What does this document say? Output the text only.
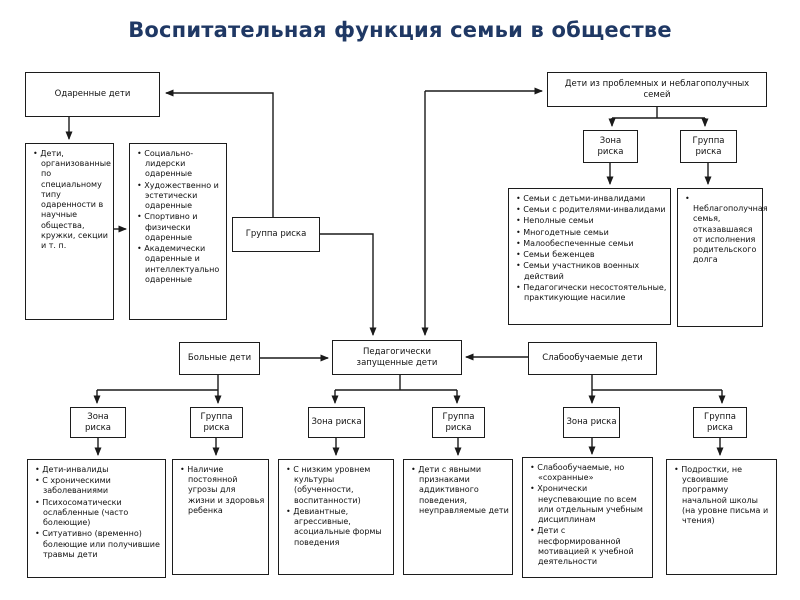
Воспитательная функция семьи в обществе
Одаренные дети
• Дети, организованные по специальному типу одаренности в научные общества, кружки, секции и т. п.
• Социально-лидерски одаренные
• Художественно и эстетически одаренные
• Спортивно и физически одаренные
• Академически одаренные и интеллектуально одаренные
Группа риска
Дети из проблемных и неблагополучных семей
Зона риска
Группа риска
• Семьи с детьми-инвалидами
• Семьи с родителями-инвалидами
• Неполные семьи
• Многодетные семьи
• Малообеспеченные семьи
• Семьи беженцев
• Семьи участников военных действий
• Педагогически несостоятельные, практикующие насилие
• Неблагополучная семья, отказавшаяся от исполнения родительского долга
Больные дети
Педагогически запущенные дети	Слабообучаемые дети
Зона риска
Группа риска
Зона риска
Группа риска
Зона риска
Группа риска
• Дети-инвалиды
• С хроническими заболеваниями
• Психосоматически ослабленные (часто болеющие)
• Ситуативно (временно) болеющие или получившие травмы дети
• Наличие постоянной угрозы для жизни и здоровья ребенка
• С низким уровнем культуры (обученности, воспитанности)
• Девиантные, агрессивные, асоциальные формы поведения
• Дети с явными признаками аддиктивного поведения, неуправляемые дети
• Слабообучаемые, но «сохранные»
• Хронически неуспевающие по всем или отдельным учебным дисциплинам
• Дети с несформированной мотивацией к учебной деятельности
• Подростки, не усвоившие программу начальной школы (на уровне письма и чтения)
